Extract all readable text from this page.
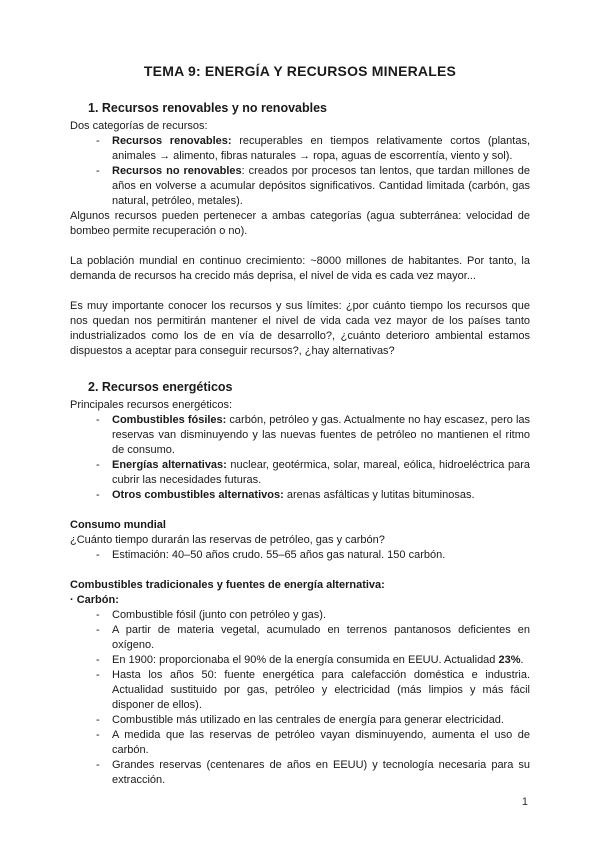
TEMA 9: ENERGÍA Y RECURSOS MINERALES
1. Recursos renovables y no renovables
Dos categorías de recursos:
-	Recursos renovables: recuperables en tiempos relativamente cortos (plantas, animales → alimento, fibras naturales → ropa, aguas de escorrentía, viento y sol).
-	Recursos no renovables: creados por procesos tan lentos, que tardan millones de años en volverse a acumular depósitos significativos. Cantidad limitada (carbón, gas natural, petróleo, metales).
Algunos recursos pueden pertenecer a ambas categorías (agua subterránea: velocidad de bombeo permite recuperación o no).
La población mundial en continuo crecimiento: ~8000 millones de habitantes. Por tanto, la demanda de recursos ha crecido más deprisa, el nivel de vida es cada vez mayor...
Es muy importante conocer los recursos y sus límites: ¿por cuánto tiempo los recursos que nos quedan nos permitirán mantener el nivel de vida cada vez mayor de los países tanto industrializados como los de en vía de desarrollo?, ¿cuánto deterioro ambiental estamos dispuestos a aceptar para conseguir recursos?, ¿hay alternativas?
2. Recursos energéticos
Principales recursos energéticos:
-	Combustibles fósiles: carbón, petróleo y gas. Actualmente no hay escasez, pero las reservas van disminuyendo y las nuevas fuentes de petróleo no mantienen el ritmo de consumo.
-	Energías alternativas: nuclear, geotérmica, solar, mareal, eólica, hidroeléctrica para cubrir las necesidades futuras.
-	Otros combustibles alternativos: arenas asfálticas y lutitas bituminosas.
Consumo mundial
¿Cuánto tiempo durarán las reservas de petróleo, gas y carbón?
-	Estimación: 40–50 años crudo. 55–65 años gas natural. 150 carbón.
Combustibles tradicionales y fuentes de energía alternativa:
· Carbón:
-	Combustible fósil (junto con petróleo y gas).
-	A partir de materia vegetal, acumulado en terrenos pantanosos deficientes en oxígeno.
-	En 1900: proporcionaba el 90% de la energía consumida en EEUU. Actualidad 23%.
-	Hasta los años 50: fuente energética para calefacción doméstica e industria. Actualidad sustituido por gas, petróleo y electricidad (más limpios y más fácil disponer de ellos).
-	Combustible más utilizado en las centrales de energía para generar electricidad.
-	A medida que las reservas de petróleo vayan disminuyendo, aumenta el uso de carbón.
-	Grandes reservas (centenares de años en EEUU) y tecnología necesaria para su extracción.
1
